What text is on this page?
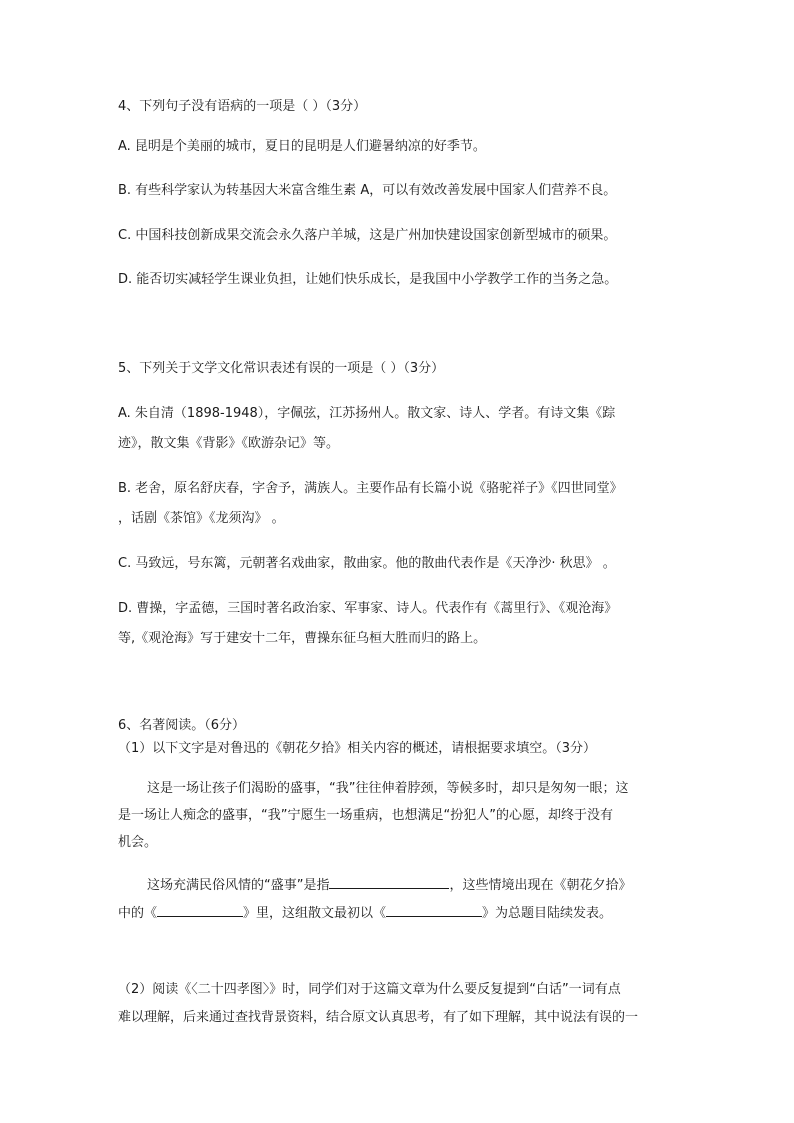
4、下列句子没有语病的一项是（ ）（3分）
A. 昆明是个美丽的城市，夏日的昆明是人们避暑纳凉的好季节。
B. 有些科学家认为转基因大米富含维生素 A，可以有效改善发展中国家人们营养不良。
C. 中国科技创新成果交流会永久落户羊城，这是广州加快建设国家创新型城市的硕果。
D. 能否切实减轻学生课业负担，让她们快乐成长，是我国中小学教学工作的当务之急。
5、下列关于文学文化常识表述有误的一项是（ ）（3分）
A. 朱自清（1898-1948），字佩弦，江苏扬州人。散文家、诗人、学者。有诗文集《踪
迹》，散文集《背影》《欧游杂记》等。
B. 老舍，原名舒庆春，字舍予，满族人。主要作品有长篇小说《骆驼祥子》《四世同堂》
，话剧《茶馆》《龙须沟》 。
C. 马致远，号东篱，元朝著名戏曲家，散曲家。他的散曲代表作是《天净沙· 秋思》 。
D. 曹操，字孟德，三国时著名政治家、军事家、诗人。代表作有《蒿里行》、《观沧海》
等,《观沧海》写于建安十二年，曹操东征乌桓大胜而归的路上。
6、名著阅读。（6分）
（1）以下文字是对鲁迅的《朝花夕拾》相关内容的概述，请根据要求填空。（3分）
这是一场让孩子们渴盼的盛事，“我”往往伸着脖颈，等候多时，却只是匆匆一眼；这
是一场让人痴念的盛事，“我”宁愿生一场重病，也想满足“扮犯人”的心愿，却终于没有
机会。
这场充满民俗风情的“盛事”是指	，这些情境出现在《朝花夕拾》
中的《	》里，这组散文最初以《	》为总题目陆续发表。
（2）阅读《〈二十四孝图〉》时，同学们对于这篇文章为什么要反复提到“白话”一词有点
难以理解，后来通过查找背景资料，结合原文认真思考，有了如下理解，其中说法有误的一
